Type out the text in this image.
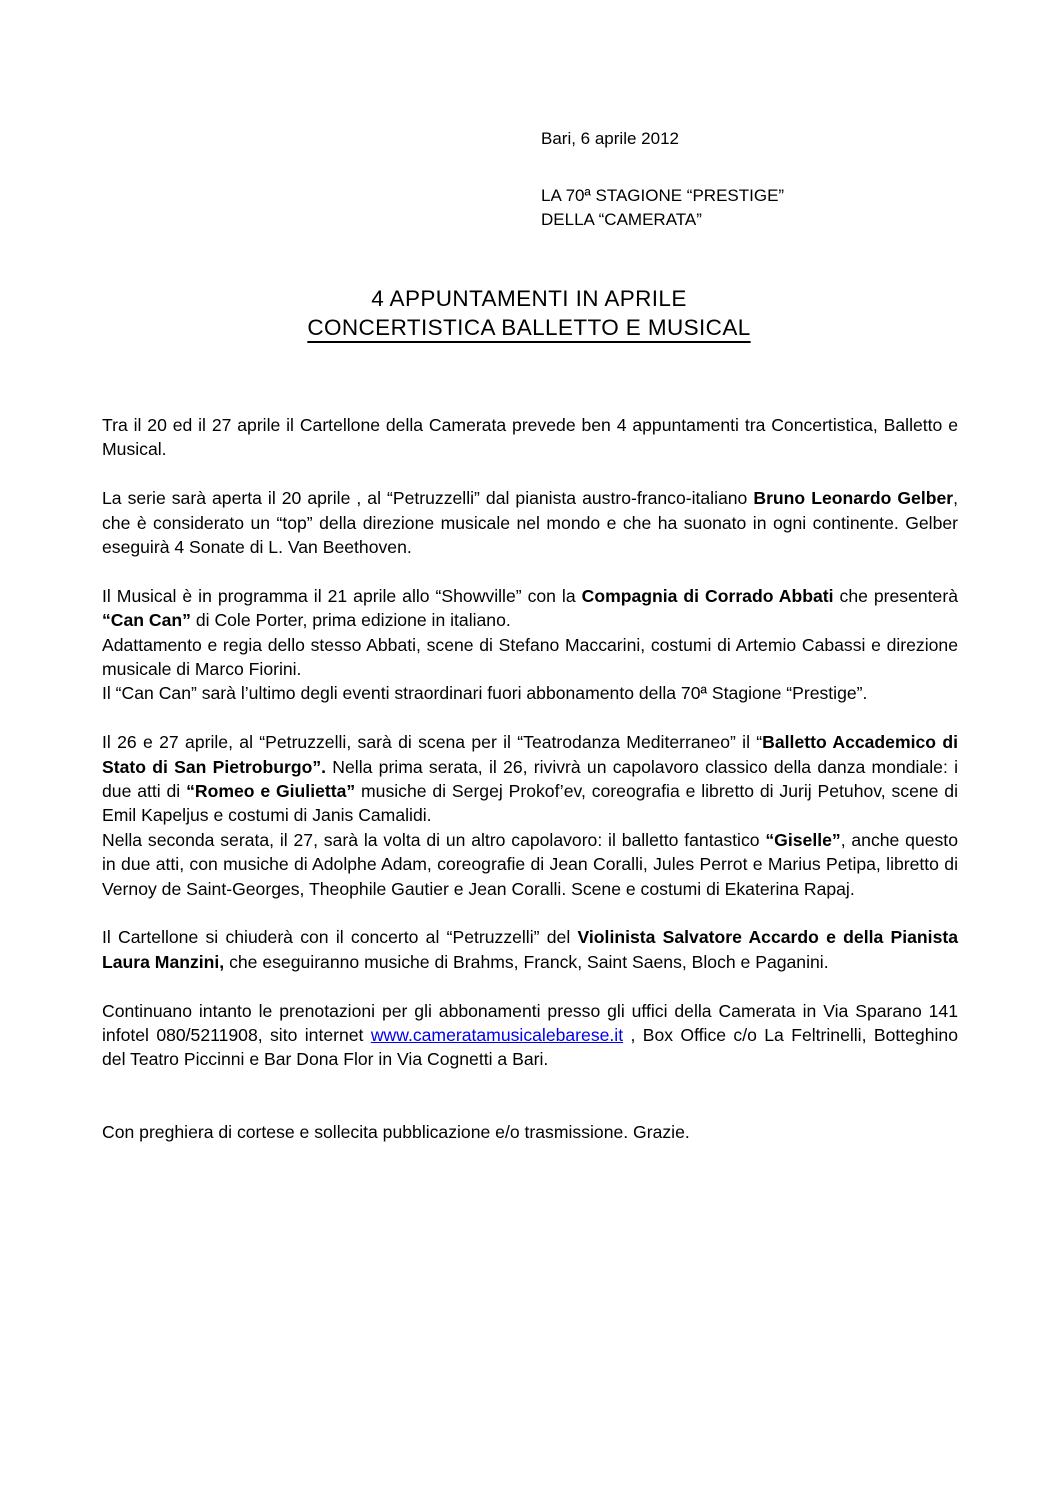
Bari, 6 aprile 2012
LA 70ª STAGIONE “PRESTIGE”
DELLA “CAMERATA”
4 APPUNTAMENTI IN APRILE
CONCERTISTICA BALLETTO E MUSICAL

Tra il 20 ed il 27 aprile il Cartellone della Camerata prevede ben 4 appuntamenti tra Concertistica, Balletto e Musical.

La serie sarà aperta il 20 aprile , al “Petruzzelli” dal pianista austro-franco-italiano Bruno Leonardo Gelber, che è considerato un “top” della direzione musicale nel mondo e che ha suonato in ogni continente. Gelber eseguirà 4 Sonate di L. Van Beethoven.

Il Musical è in programma il 21 aprile allo “Showville” con la Compagnia di Corrado Abbati che presenterà “Can Can” di Cole Porter, prima edizione in italiano.
Adattamento e regia dello stesso Abbati, scene di Stefano Maccarini, costumi di Artemio Cabassi e direzione musicale di Marco Fiorini.
Il “Can Can” sarà l’ultimo degli eventi straordinari fuori abbonamento della 70ª Stagione “Prestige”.

Il 26 e 27 aprile, al “Petruzzelli, sarà di scena per il “Teatrodanza Mediterraneo” il “Balletto Accademico di Stato di San Pietroburgo”. Nella prima serata, il 26, rivivrà un capolavoro classico della danza mondiale: i due atti di “Romeo e Giulietta” musiche di Sergej Prokof’ev, coreografia e libretto di Jurij Petuhov, scene di Emil Kapeljus e costumi di Janis Camalidi.
Nella seconda serata, il 27, sarà la volta di un altro capolavoro: il balletto fantastico “Giselle”, anche questo in due atti, con musiche di Adolphe Adam, coreografie di Jean Coralli, Jules Perrot e Marius Petipa, libretto di Vernoy de Saint-Georges, Theophile Gautier e Jean Coralli. Scene e costumi di Ekaterina Rapaj.

Il Cartellone si chiuderà con il concerto al “Petruzzelli” del Violinista Salvatore Accardo e della Pianista Laura Manzini, che eseguiranno musiche di Brahms, Franck, Saint Saens, Bloch e Paganini.

Continuano intanto le prenotazioni per gli abbonamenti presso gli uffici della Camerata in Via Sparano 141 infotel 080/5211908, sito internet www.cameratamusicalebarese.it , Box Office c/o La Feltrinelli, Botteghino del Teatro Piccinni e Bar Dona Flor in Via Cognetti a Bari.

Con preghiera di cortese e sollecita pubblicazione e/o trasmissione. Grazie.
